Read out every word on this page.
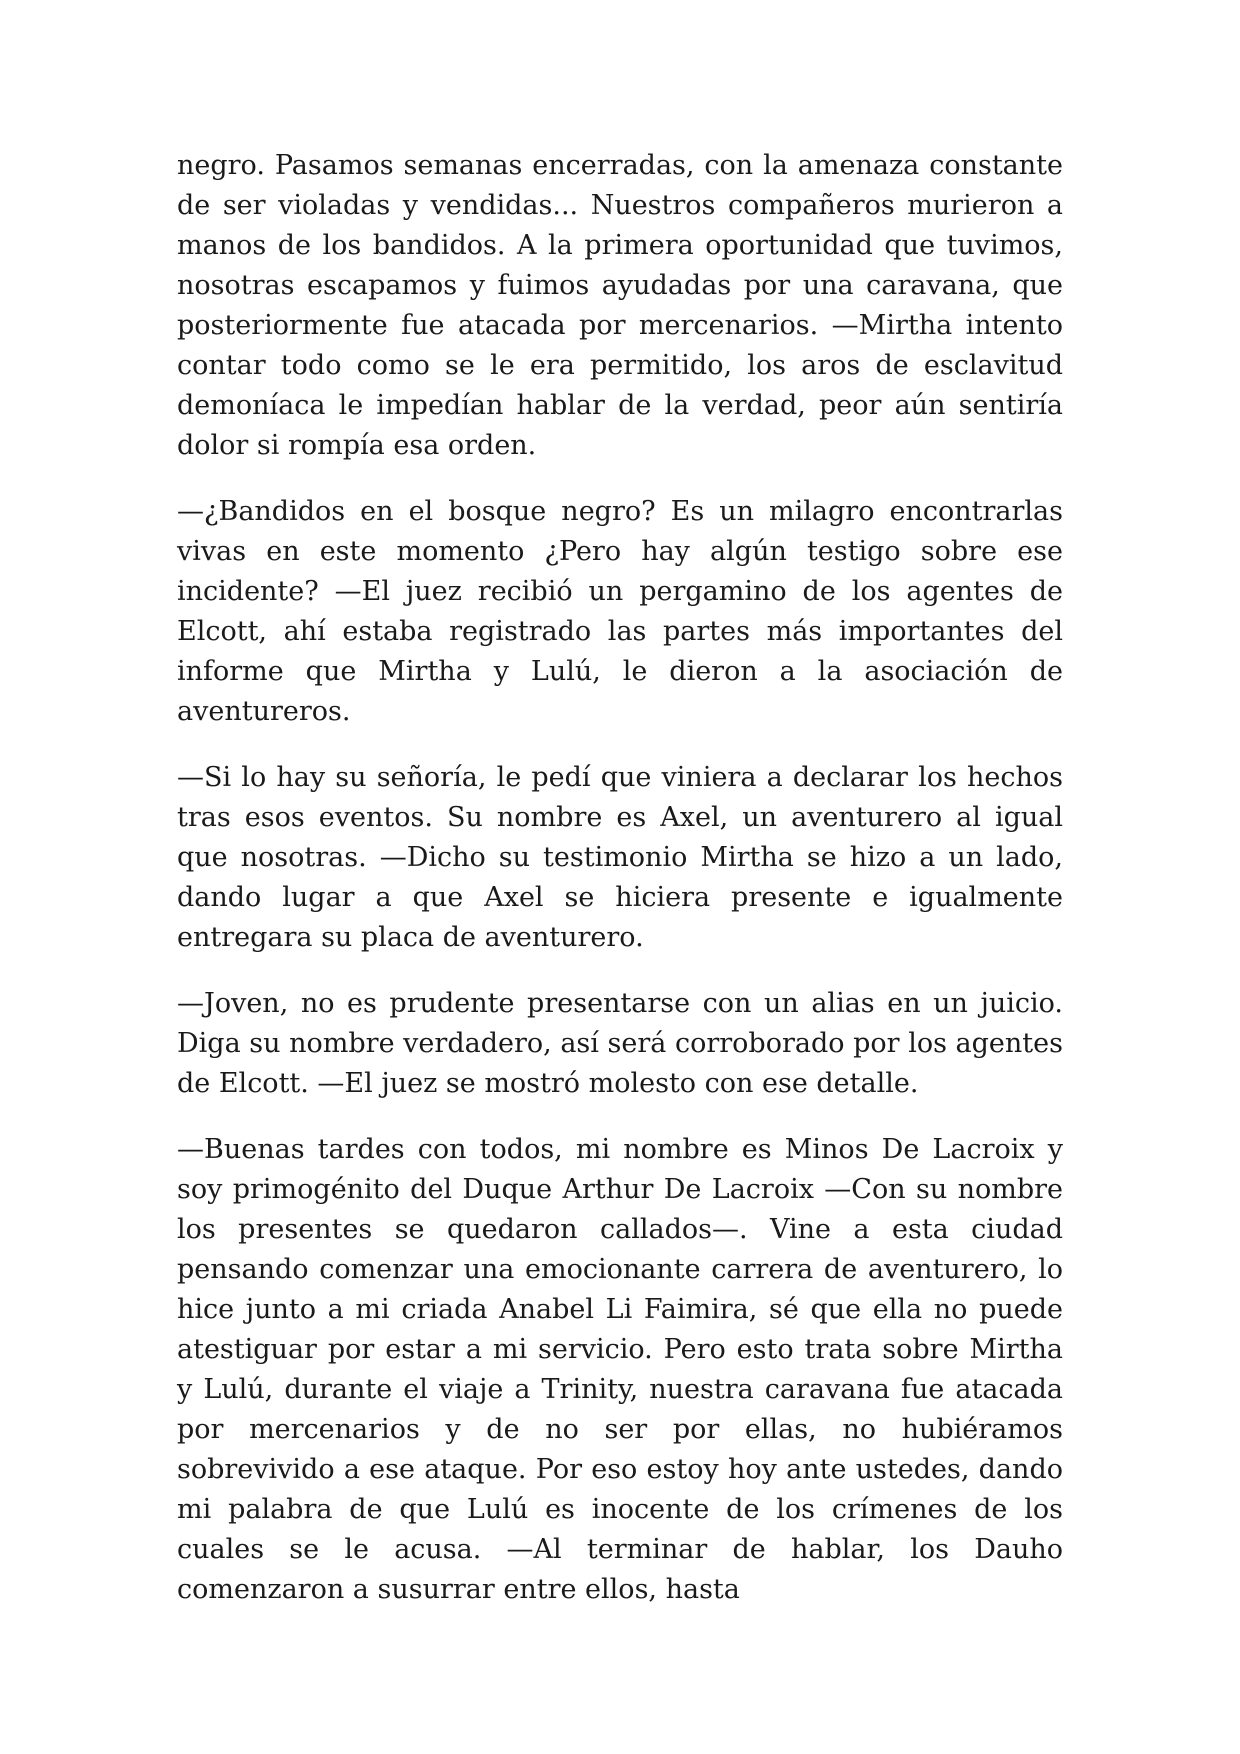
negro. Pasamos semanas encerradas, con la amenaza constante de ser violadas y vendidas... Nuestros compañeros murieron a manos de los bandidos. A la primera oportunidad que tuvimos, nosotras escapamos y fuimos ayudadas por una caravana, que posteriormente fue atacada por mercenarios. —Mirtha intento contar todo como se le era permitido, los aros de esclavitud demoníaca le impedían hablar de la verdad, peor aún sentiría dolor si rompía esa orden.

—¿Bandidos en el bosque negro? Es un milagro encontrarlas vivas en este momento ¿Pero hay algún testigo sobre ese incidente? —El juez recibió un pergamino de los agentes de Elcott, ahí estaba registrado las partes más importantes del informe que Mirtha y Lulú, le dieron a la asociación de aventureros.

—Si lo hay su señoría, le pedí que viniera a declarar los hechos tras esos eventos. Su nombre es Axel, un aventurero al igual que nosotras. —Dicho su testimonio Mirtha se hizo a un lado, dando lugar a que Axel se hiciera presente e igualmente entregara su placa de aventurero.

—Joven, no es prudente presentarse con un alias en un juicio. Diga su nombre verdadero, así será corroborado por los agentes de Elcott. —El juez se mostró molesto con ese detalle.

—Buenas tardes con todos, mi nombre es Minos De Lacroix y soy primogénito del Duque Arthur De Lacroix —Con su nombre los presentes se quedaron callados—. Vine a esta ciudad pensando comenzar una emocionante carrera de aventurero, lo hice junto a mi criada Anabel Li Faimira, sé que ella no puede atestiguar por estar a mi servicio. Pero esto trata sobre Mirtha y Lulú, durante el viaje a Trinity, nuestra caravana fue atacada por mercenarios y de no ser por ellas, no hubiéramos sobrevivido a ese ataque. Por eso estoy hoy ante ustedes, dando mi palabra de que Lulú es inocente de los crímenes de los cuales se le acusa. —Al terminar de hablar, los Dauho comenzaron a susurrar entre ellos, hasta
